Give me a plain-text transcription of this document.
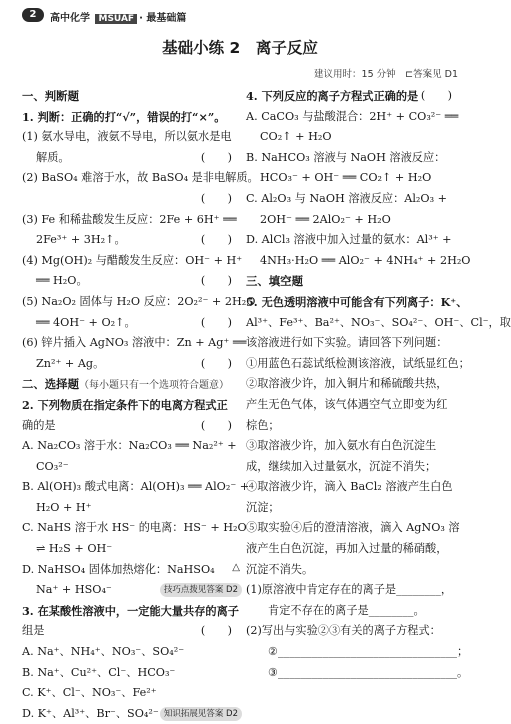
2	高中化学 MSUAF · 最基础篇
基础小练 2　离子反应
建议用时：15 分钟　⊏答案见 D1
一、判断题
1. 判断：正确的打“√”，错误的打“×”。
(1) 氨水导电，液氨不导电，所以氨水是电
解质。	(　　)
(2) BaSO₄ 难溶于水，故 BaSO₄ 是非电解质。
(　　)
(3) Fe 和稀盐酸发生反应：2Fe + 6H⁺ ══
2Fe³⁺ + 3H₂↑。	(　　)
(4) Mg(OH)₂ 与醋酸发生反应：OH⁻ + H⁺
══ H₂O。	(　　)
(5) Na₂O₂ 固体与 H₂O 反应：2O₂²⁻ + 2H₂O
══ 4OH⁻ + O₂↑。	(　　)
(6) 锌片插入 AgNO₃ 溶液中：Zn + Ag⁺ ══
Zn²⁺ + Ag。	(　　)
二、选择题（每小题只有一个选项符合题意）
2. 下列物质在指定条件下的电离方程式正
确的是	(　　)
A. Na₂CO₃ 溶于水：Na₂CO₃ ══ Na₂²⁺ +
CO₃²⁻
B. Al(OH)₃ 酸式电离：Al(OH)₃ ══ AlO₂⁻ +
H₂O + H⁺
C. NaHS 溶于水 HS⁻ 的电离：HS⁻ + H₂O
⇌ H₂S + OH⁻
D. NaHSO₄ 固体加热熔化：NaHSO₄ △
Na⁺ + HSO₄⁻	技巧点拨见答案 D2
3. 在某酸性溶液中，一定能大量共存的离子
组是	(　　)
A. Na⁺、NH₄⁺、NO₃⁻、SO₄²⁻
B. Na⁺、Cu²⁺、Cl⁻、HCO₃⁻
C. K⁺、Cl⁻、NO₃⁻、Fe²⁺
D. K⁺、Al³⁺、Br⁻、SO₄²⁻ 知识拓展见答案 D2
4. 下列反应的离子方程式正确的是 (　　)
A. CaCO₃ 与盐酸混合：2H⁺ + CO₃²⁻ ══
CO₂↑ + H₂O
B. NaHCO₃ 溶液与 NaOH 溶液反应：
HCO₃⁻ + OH⁻ ══ CO₂↑ + H₂O
C. Al₂O₃ 与 NaOH 溶液反应：Al₂O₃ +
2OH⁻ ══ 2AlO₂⁻ + H₂O
D. AlCl₃ 溶液中加入过量的氨水：Al³⁺ +
4NH₃·H₂O ══ AlO₂⁻ + 4NH₄⁺ + 2H₂O
三、填空题
5. 无色透明溶液中可能含有下列离子：K⁺、
Al³⁺、Fe³⁺、Ba²⁺、NO₃⁻、SO₄²⁻、OH⁻、Cl⁻，取
该溶液进行如下实验。请回答下列问题：
①用蓝色石蕊试纸检测该溶液，试纸显红色；
②取溶液少许，加入铜片和稀硫酸共热，
产生无色气体，该气体遇空气立即变为红
棕色；
③取溶液少许，加入氨水有白色沉淀生
成，继续加入过量氨水，沉淀不消失；
④取溶液少许，滴入 BaCl₂ 溶液产生白色
沉淀；
⑤取实验④后的澄清溶液，滴入 AgNO₃ 溶
液产生白色沉淀，再加入过量的稀硝酸，
沉淀不消失。
(1)原溶液中肯定存在的离子是________，
肯定不存在的离子是________。
(2)写出与实验②③有关的离子方程式：
②________________________________；
③________________________________。
